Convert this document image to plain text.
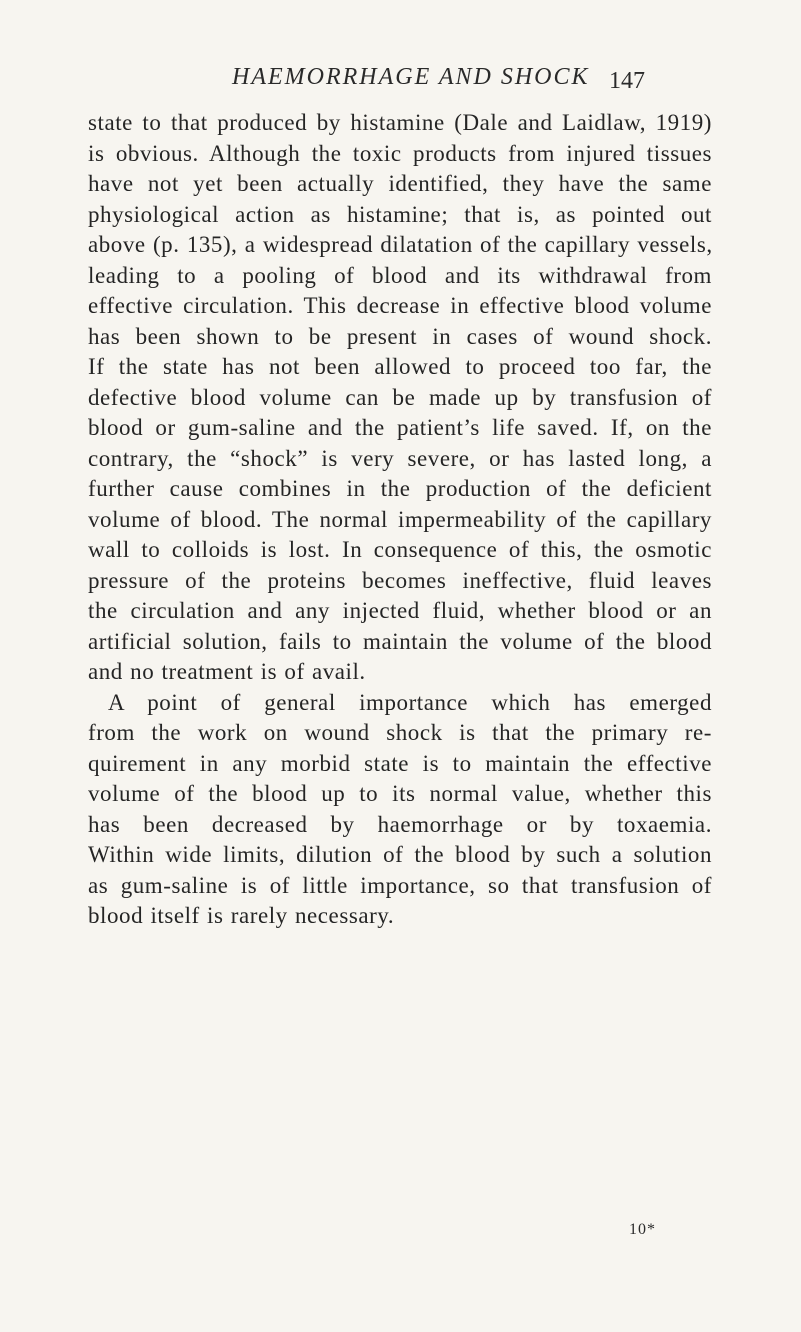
HAEMORRHAGE AND SHOCK 147
state to that produced by histamine (Dale and Laidlaw, 1919)
is obvious. Although the toxic products from injured tissues
have not yet been actually identified, they have the same
physiological action as histamine; that is, as pointed out
above (p. 135), a widespread dilatation of the capillary vessels,
leading to a pooling of blood and its withdrawal from
effective circulation. This decrease in effective blood volume
has been shown to be present in cases of wound shock.
If the state has not been allowed to proceed too far, the
defective blood volume can be made up by transfusion of
blood or gum-saline and the patient’s life saved. If, on the
contrary, the “shock” is very severe, or has lasted long, a
further cause combines in the production of the deficient
volume of blood. The normal impermeability of the capillary
wall to colloids is lost. In consequence of this, the osmotic
pressure of the proteins becomes ineffective, fluid leaves
the circulation and any injected fluid, whether blood or an
artificial solution, fails to maintain the volume of the blood
and no treatment is of avail.
A point of general importance which has emerged
from the work on wound shock is that the primary re-
quirement in any morbid state is to maintain the effective
volume of the blood up to its normal value, whether this
has been decreased by haemorrhage or by toxaemia.
Within wide limits, dilution of the blood by such a solution
as gum-saline is of little importance, so that transfusion of
blood itself is rarely necessary.
10*
